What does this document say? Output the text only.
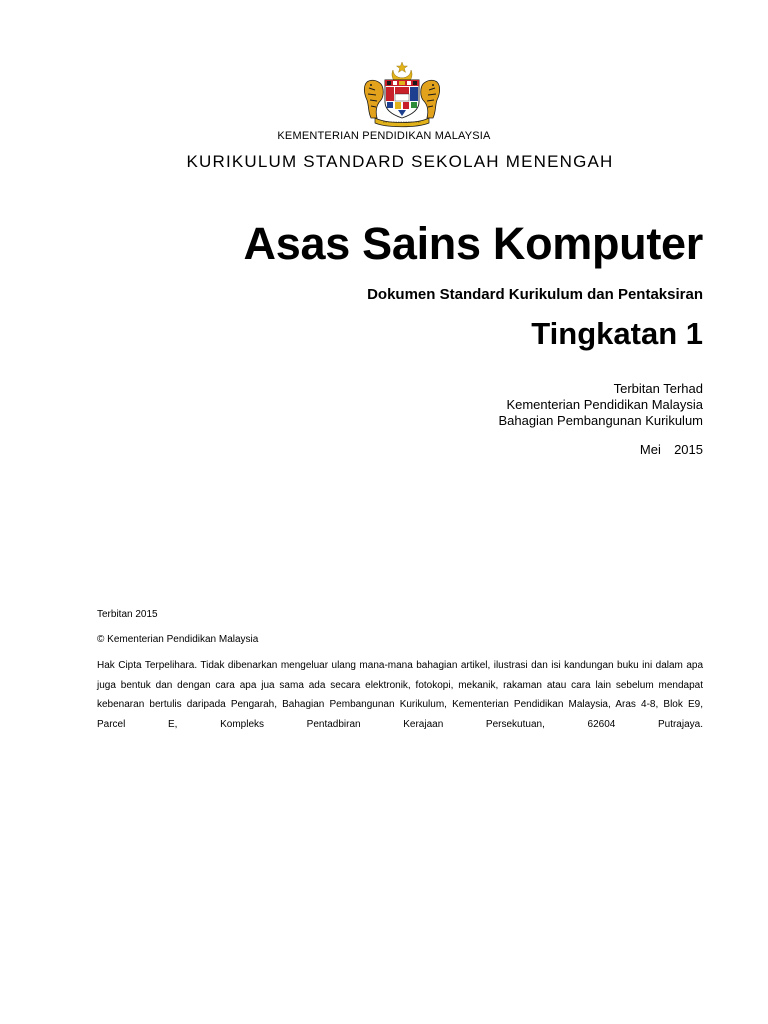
KEMENTERIAN PENDIDIKAN MALAYSIA
KURIKULUM STANDARD SEKOLAH MENENGAH
Asas Sains Komputer
Dokumen Standard Kurikulum dan Pentaksiran
Tingkatan 1
Terbitan Terhad
Kementerian Pendidikan Malaysia
Bahagian Pembangunan Kurikulum
Mei  2015
Terbitan 2015
© Kementerian Pendidikan Malaysia
Hak Cipta Terpelihara. Tidak dibenarkan mengeluar ulang mana-mana bahagian artikel, ilustrasi dan isi kandungan buku ini dalam apa juga bentuk dan dengan cara apa jua sama ada secara elektronik, fotokopi, mekanik, rakaman atau cara lain sebelum mendapat kebenaran bertulis daripada Pengarah, Bahagian Pembangunan Kurikulum, Kementerian Pendidikan Malaysia, Aras 4-8, Blok E9, Parcel E, Kompleks Pentadbiran Kerajaan Persekutuan, 62604 Putrajaya.
